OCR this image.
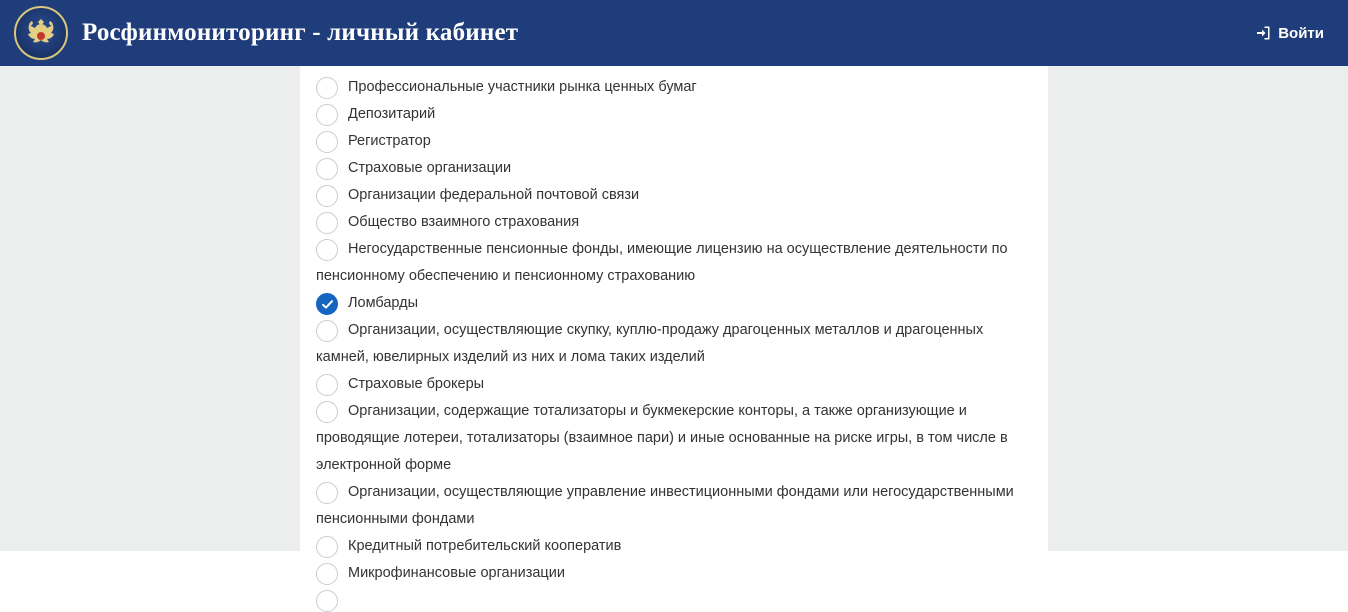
Росфинмониторинг - личный кабинет	Войти
Профессиональные участники рынка ценных бумаг
Депозитарий
Регистратор
Страховые организации
Организации федеральной почтовой связи
Общество взаимного страхования
Негосударственные пенсионные фонды, имеющие лицензию на осуществление деятельности по пенсионному обеспечению и пенсионному страхованию
Ломбарды
Организации, осуществляющие скупку, куплю-продажу драгоценных металлов и драгоценных камней, ювелирных изделий из них и лома таких изделий
Страховые брокеры
Организации, содержащие тотализаторы и букмекерские конторы, а также организующие и проводящие лотереи, тотализаторы (взаимное пари) и иные основанные на риске игры, в том числе в электронной форме
Организации, осуществляющие управление инвестиционными фондами или негосударственными пенсионными фондами
Кредитный потребительский кооператив
Микрофинансовые организации
